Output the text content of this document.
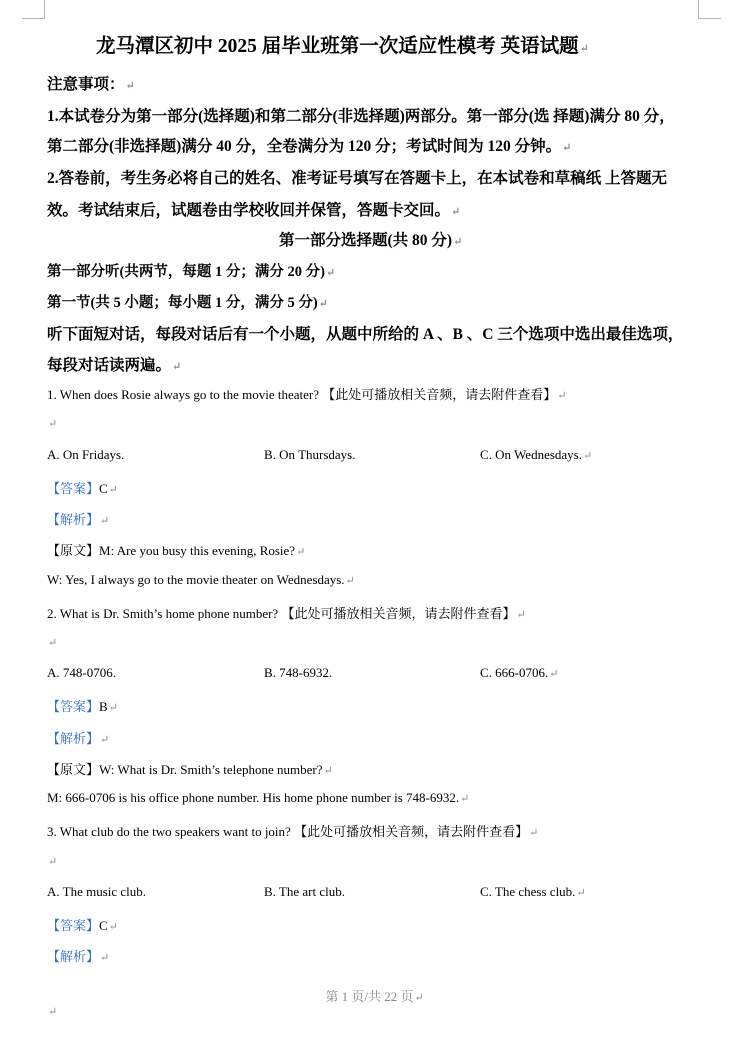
龙马潭区初中 2025 届毕业班第一次适应性模考 英语试题↵
注意事项：↵
1.本试卷分为第一部分(选择题)和第二部分(非选择题)两部分。第一部分(选 择题)满分 80 分，
第二部分(非选择题)满分 40 分，全卷满分为 120 分；考试时间为 120 分钟。↵
2.答卷前，考生务必将自己的姓名、准考证号填写在答题卡上，在本试卷和草稿纸 上答题无
效。考试结束后，试题卷由学校收回并保管，答题卡交回。↵
第一部分选择题(共 80 分)↵
第一部分听(共两节，每题 1 分；满分 20 分)↵
第一节(共 5 小题；每小题 1 分，满分 5 分)↵
听下面短对话，每段对话后有一个小题，从题中所给的 A 、B 、C 三个选项中选出最佳选项，
每段对话读两遍。↵
1. When does Rosie always go to the movie theater? 【此处可播放相关音频，请去附件查看】↵
↵
A. On Fridays.	B. On Thursdays.	C. On Wednesdays.↵
【答案】C↵
【解析】↵
【原文】M: Are you busy this evening, Rosie?↵
W: Yes, I always go to the movie theater on Wednesdays.↵
2. What is Dr. Smith’s home phone number? 【此处可播放相关音频，请去附件查看】↵
↵
A. 748-0706.	B. 748-6932.	C. 666-0706.↵
【答案】B↵
【解析】↵
【原文】W: What is Dr. Smith’s telephone number?↵
M: 666-0706 is his office phone number. His home phone number is 748-6932.↵
3. What club do the two speakers want to join? 【此处可播放相关音频，请去附件查看】↵
↵
A. The music club.	B. The art club.	C. The chess club.↵
【答案】C↵
【解析】↵
第 1 页/共 22 页↵
↵
